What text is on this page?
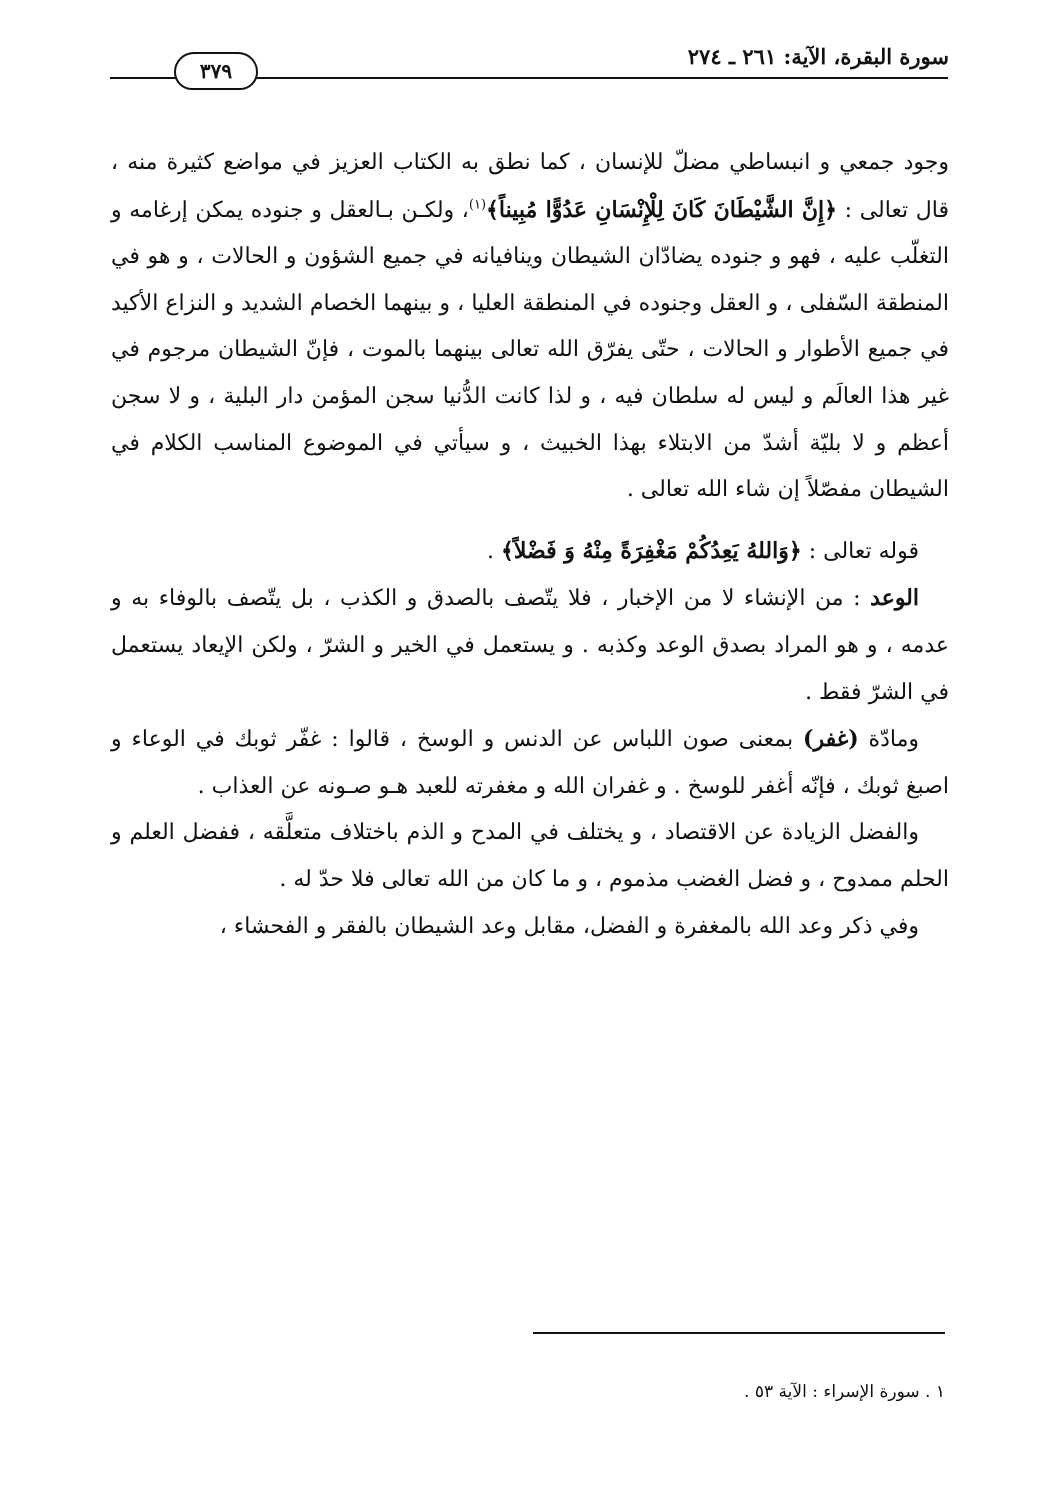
سورة البقرة، الآية: ٢٦١ ـ ٢٧٤
٣٧٩

وجود جمعي و انبساطي مضلّ للإنسان ، كما نطق به الكتاب العزيز في مواضع كثيرة منه ، قال تعالى : ﴿إِنَّ الشَّيْطَانَ كَانَ لِلْإِنْسَانِ عَدُوًّا مُبِيناً﴾$^{(١)}$، ولكـن بـالعقل و جنوده يمكن إرغامه و التغلّب عليه ، فهو و جنوده يضادّان الشيطان وينافيانه في جميع الشؤون و الحالات ، و هو في المنطقة السّفلى ، و العقل وجنوده في المنطقة العليا ، و بينهما الخصام الشديد و النزاع الأكيد في جميع الأطوار و الحالات ، حتّى يفرّق الله تعالى بينهما بالموت ، فإنّ الشيطان مرجوم في غير هذا العالَم و ليس له سلطان فيه ، و لذا كانت الدُّنيا سجن المؤمن دار البلية ، و لا سجن أعظم و لا بليّة أشدّ من الابتلاء بهذا الخبيث ، و سيأتي في الموضوع المناسب الكلام في الشيطان مفصّلاً إن شاء الله تعالى .

قوله تعالى : ﴿وَاللهُ يَعِدُكُمْ مَغْفِرَةً مِنْهُ وَ فَضْلاً﴾ .

الوعد : من الإنشاء لا من الإخبار ، فلا يتّصف بالصدق و الكذب ، بل يتّصف بالوفاء به و عدمه ، و هو المراد بصدق الوعد وكذبه . و يستعمل في الخير و الشرّ ، ولكن الإيعاد يستعمل في الشرّ فقط .

ومادّة (غفر) بمعنى صون اللباس عن الدنس و الوسخ ، قالوا : غفّر ثوبك في الوعاء و اصبغ ثوبك ، فإنّه أغفر للوسخ . و غفران الله و مغفرته للعبد هـو صـونه عن العذاب .

والفضل الزيادة عن الاقتصاد ، و يختلف في المدح و الذم باختلاف متعلَّقه ، ففضل العلم و الحلم ممدوح ، و فضل الغضب مذموم ، و ما كان من الله تعالى فلا حدّ له .

وفي ذكر وعد الله بالمغفرة و الفضل، مقابل وعد الشيطان بالفقر و الفحشاء ،

١ . سورة الإسراء : الآية ٥٣ .
